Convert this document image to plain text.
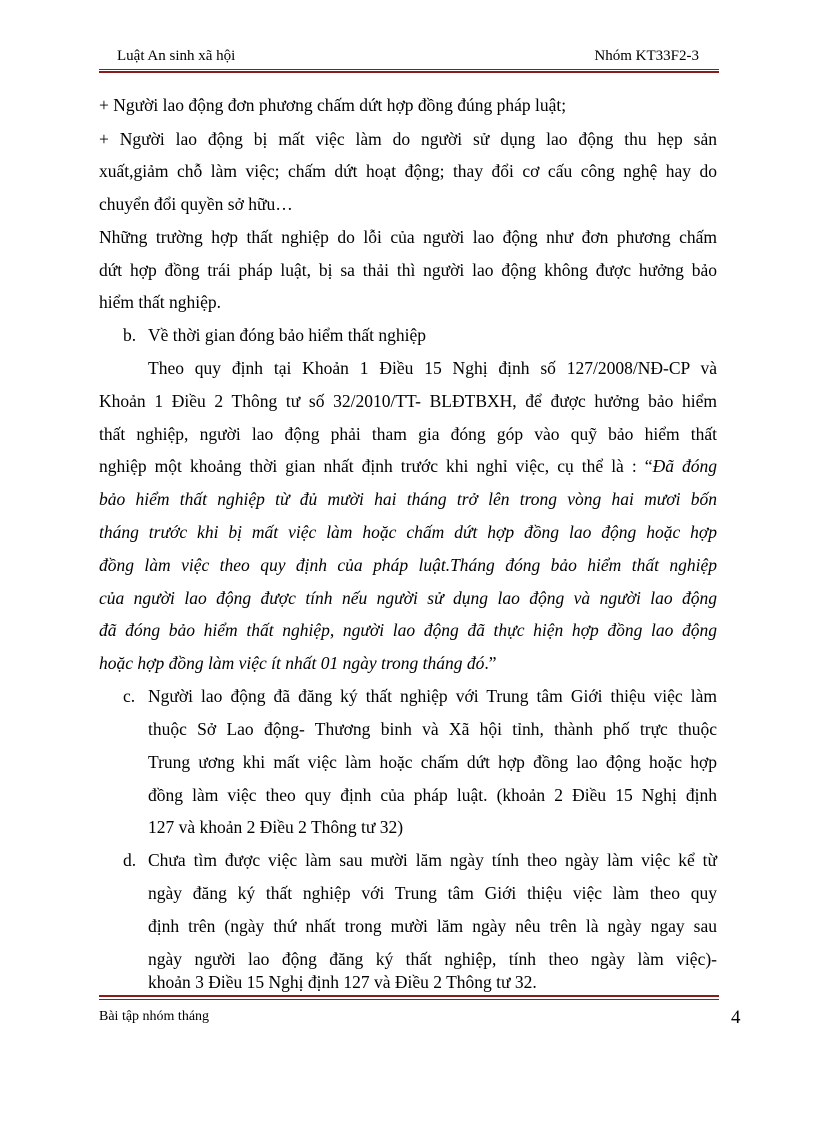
Luật An sinh xã hội	Nhóm KT33F2-3
+ Người lao động đơn phương chấm dứt hợp đồng đúng pháp luật;
+ Người lao động bị mất việc làm do người sử dụng lao động thu hẹp sản
xuất,giảm chỗ làm việc; chấm dứt hoạt động; thay đổi cơ cấu công nghệ hay do
chuyển đổi quyền sở hữu…
Những trường hợp thất nghiệp do lỗi của người lao động như đơn phương chấm
dứt hợp đồng trái pháp luật, bị sa thải thì người lao động không được hưởng bảo
hiểm thất nghiệp.
b. Về thời gian đóng bảo hiểm thất nghiệp
Theo quy định tại Khoản 1 Điều 15 Nghị định số 127/2008/NĐ-CP và
Khoản 1 Điều 2 Thông tư số 32/2010/TT- BLĐTBXH, để được hưởng bảo hiểm
thất nghiệp, người lao động phải tham gia đóng góp vào quỹ bảo hiểm thất
nghiệp một khoảng thời gian nhất định trước khi nghỉ việc, cụ thể là : “Đã đóng
bảo hiểm thất nghiệp từ đủ mười hai tháng trở lên trong vòng hai mươi bốn
tháng trước khi bị mất việc làm hoặc chấm dứt hợp đồng lao động hoặc hợp
đồng làm việc theo quy định của pháp luật.Tháng đóng bảo hiểm thất nghiệp
của người lao động được tính nếu người sử dụng lao động và người lao động
đã đóng bảo hiểm thất nghiệp, người lao động đã thực hiện hợp đồng lao động
hoặc hợp đồng làm việc ít nhất 01 ngày trong tháng đó.”
c. Người lao động đã đăng ký thất nghiệp với Trung tâm Giới thiệu việc làm
thuộc Sở Lao động- Thương binh và Xã hội tỉnh, thành phố trực thuộc
Trung ương khi mất việc làm hoặc chấm dứt hợp đồng lao động hoặc hợp
đồng làm việc theo quy định của pháp luật. (khoản 2 Điều 15 Nghị định
127 và khoản 2 Điều 2 Thông tư 32)
d. Chưa tìm được việc làm sau mười lăm ngày tính theo ngày làm việc kể từ
ngày đăng ký thất nghiệp với Trung tâm Giới thiệu việc làm theo quy
định trên (ngày thứ nhất trong mười lăm ngày nêu trên là ngày ngay sau
ngày người lao động đăng ký thất nghiệp, tính theo ngày làm việc)-
khoản 3 Điều 15 Nghị định 127 và Điều 2 Thông tư 32.
Bài tập nhóm tháng	4
